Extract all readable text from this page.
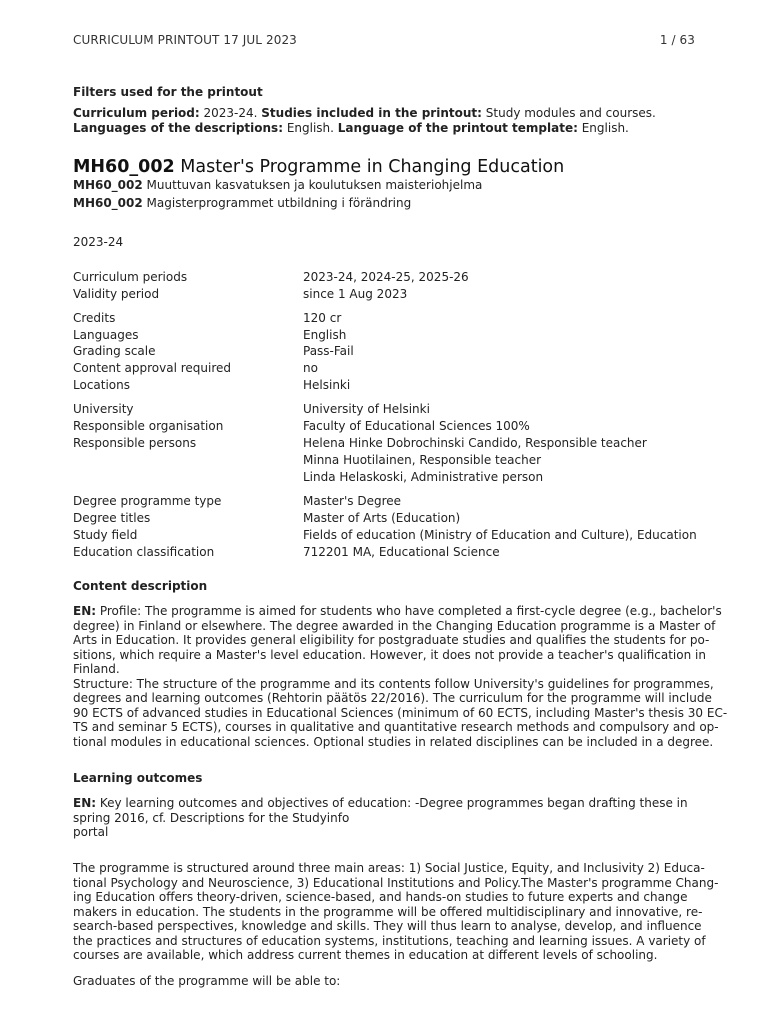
CURRICULUM PRINTOUT 17 JUL 2023	1 / 63
Filters used for the printout
Curriculum period: 2023-24. Studies included in the printout: Study modules and courses. Languages of the descriptions: English. Language of the printout template: English.
MH60_002 Master's Programme in Changing Education
MH60_002 Muuttuvan kasvatuksen ja koulutuksen maisteriohjelma
MH60_002 Magisterprogrammet utbildning i förändring
2023-24
Curriculum periods	2023-24, 2024-25, 2025-26
Validity period	since 1 Aug 2023
Credits	120 cr
Languages	English
Grading scale	Pass-Fail
Content approval required	no
Locations	Helsinki
University	University of Helsinki
Responsible organisation	Faculty of Educational Sciences 100%
Responsible persons	Helena Hinke Dobrochinski Candido, Responsible teacher
Minna Huotilainen, Responsible teacher
Linda Helaskoski, Administrative person
Degree programme type	Master's Degree
Degree titles	Master of Arts (Education)
Study field	Fields of education (Ministry of Education and Culture), Education
Education classification	712201 MA, Educational Science
Content description

EN: Profile: The programme is aimed for students who have completed a first-cycle degree (e.g., bachelor's

degree) in Finland or elsewhere. The degree awarded in the Changing Education programme is a Master of

Arts in Education. It provides general eligibility for postgraduate studies and qualifies the students for po-

sitions, which require a Master's level education. However, it does not provide a teacher's qualification in

Finland.

Structure: The structure of the programme and its contents follow University's guidelines for programmes,

degrees and learning outcomes (Rehtorin päätös 22/2016). The curriculum for the programme will include

90 ECTS of advanced studies in Educational Sciences (minimum of 60 ECTS, including Master's thesis 30 EC-

TS and seminar 5 ECTS), courses in qualitative and quantitative research methods and compulsory and op-

tional modules in educational sciences. Optional studies in related disciplines can be included in a degree.

Learning outcomes

EN: Key learning outcomes and objectives of education: -Degree programmes began drafting these in

spring 2016, cf. Descriptions for the Studyinfo

portal

The programme is structured around three main areas: 1) Social Justice, Equity, and Inclusivity 2) Educa-

tional Psychology and Neuroscience, 3) Educational Institutions and Policy.The Master's programme Chang-

ing Education offers theory-driven, science-based, and hands-on studies to future experts and change

makers in education. The students in the programme will be offered multidisciplinary and innovative, re-

search-based perspectives, knowledge and skills. They will thus learn to analyse, develop, and influence

the practices and structures of education systems, institutions, teaching and learning issues. A variety of

courses are available, which address current themes in education at different levels of schooling.

Graduates of the programme will be able to:
